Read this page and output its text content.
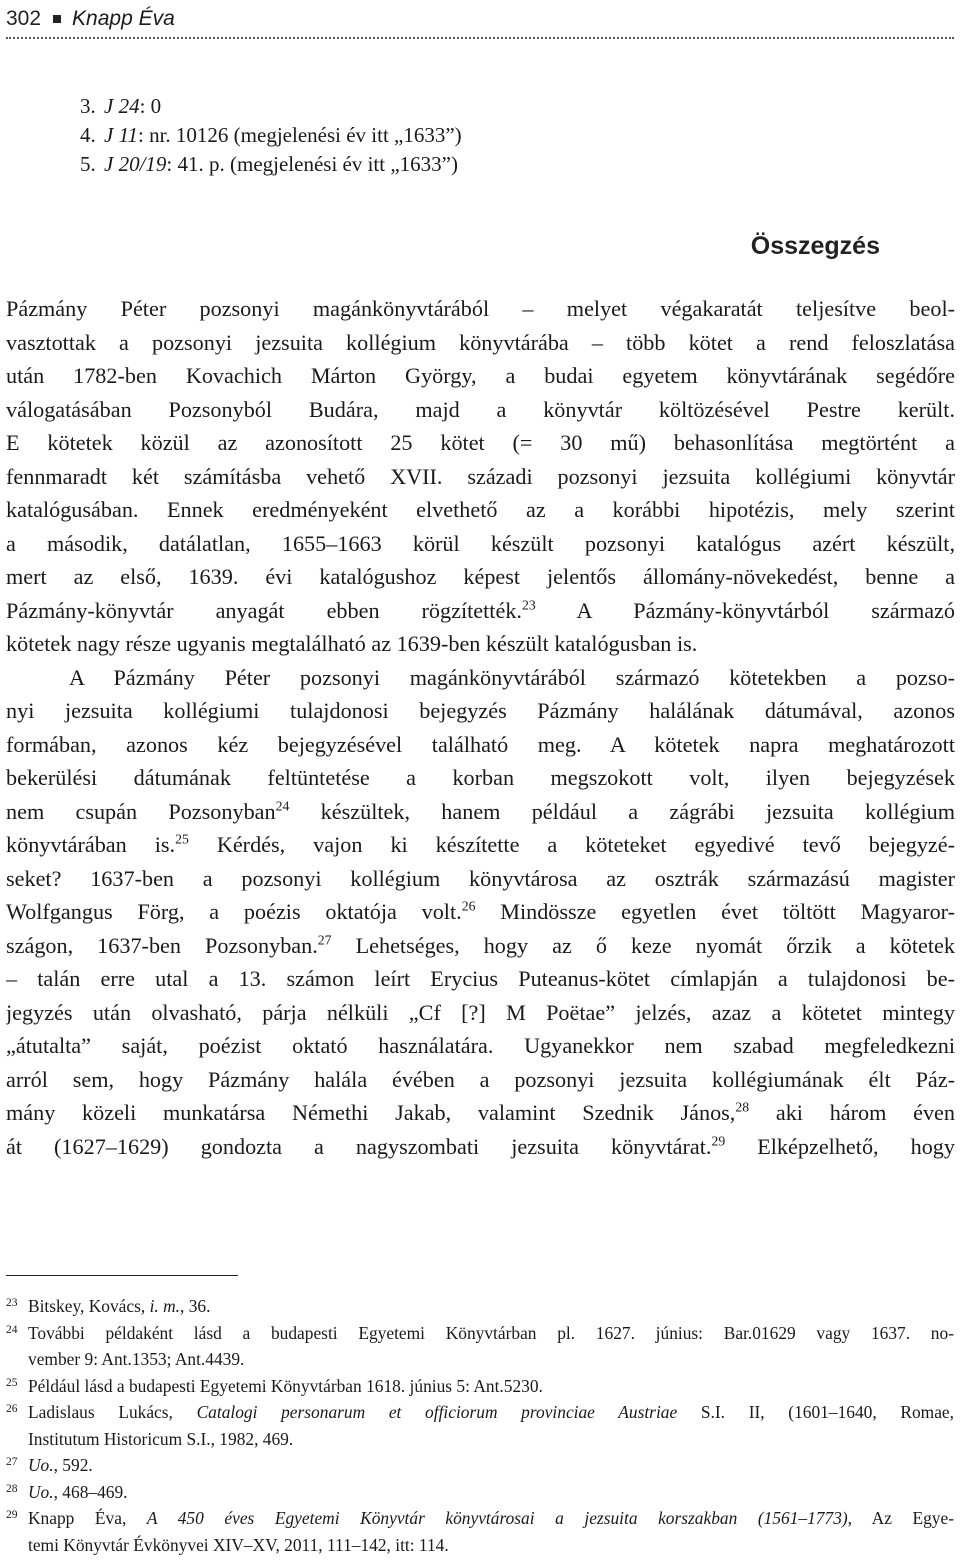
302 Knapp Éva
3. J 24: 0
4. J 11: nr. 10126 (megjelenési év itt „1633”)
5. J 20/19: 41. p. (megjelenési év itt „1633”)
Összegzés
Pázmány Péter pozsonyi magánkönyvtárából – melyet végakaratát teljesítve beol-
vasztottak a pozsonyi jezsuita kollégium könyvtárába – több kötet a rend feloszlatása
után 1782-ben Kovachich Márton György, a budai egyetem könyvtárának segédőre
válogatásában Pozsonyból Budára, majd a könyvtár költözésével Pestre került.
E kötetek közül az azonosított 25 kötet (= 30 mű) behasonlítása megtörtént a
fennmaradt két számításba vehető XVII. századi pozsonyi jezsuita kollégiumi könyvtár
katalógusában. Ennek eredményeként elvethető az a korábbi hipotézis, mely szerint
a második, datálatlan, 1655–1663 körül készült pozsonyi katalógus azért készült,
mert az első, 1639. évi katalógushoz képest jelentős állomány-növekedést, benne a
Pázmány-könyvtár anyagát ebben rögzítették.$^{23}$ A Pázmány-könyvtárból származó
kötetek nagy része ugyanis megtalálható az 1639-ben készült katalógusban is.
A Pázmány Péter pozsonyi magánkönyvtárából származó kötetekben a pozso-
nyi jezsuita kollégiumi tulajdonosi bejegyzés Pázmány halálának dátumával, azonos
formában, azonos kéz bejegyzésével található meg. A kötetek napra meghatározott
bekerülési dátumának feltüntetése a korban megszokott volt, ilyen bejegyzések
nem csupán Pozsonyban$^{24}$ készültek, hanem például a zágrábi jezsuita kollégium
könyvtárában is.$^{25}$ Kérdés, vajon ki készítette a köteteket egyedivé tevő bejegyzé-
seket? 1637-ben a pozsonyi kollégium könyvtárosa az osztrák származású magister
Wolfgangus Förg, a poézis oktatója volt.$^{26}$ Mindössze egyetlen évet töltött Magyaror-
szágon, 1637-ben Pozsonyban.$^{27}$ Lehetséges, hogy az ő keze nyomát őrzik a kötetek
– talán erre utal a 13. számon leírt Erycius Puteanus-kötet címlapján a tulajdonosi be-
jegyzés után olvasható, párja nélküli „Cf [?] M Poëtae” jelzés, azaz a kötetet mintegy
„átutalta” saját, poézist oktató használatára. Ugyanekkor nem szabad megfeledkezni
arról sem, hogy Pázmány halála évében a pozsonyi jezsuita kollégiumának élt Páz-
mány közeli munkatársa Némethi Jakab, valamint Szednik János,$^{28}$ aki három éven
át (1627–1629) gondozta a nagyszombati jezsuita könyvtárat.$^{29}$ Elképzelhető, hogy
23 Bitskey, Kovács, i. m., 36.
24 További példaként lásd a budapesti Egyetemi Könyvtárban pl. 1627. június: Bar.01629 vagy 1637. no-
vember 9: Ant.1353; Ant.4439.
25 Például lásd a budapesti Egyetemi Könyvtárban 1618. június 5: Ant.5230.
26 Ladislaus Lukács, Catalogi personarum et officiorum provinciae Austriae S.I. II, (1601–1640, Romae,
Institutum Historicum S.I., 1982, 469.
27 Uo., 592.
28 Uo., 468–469.
29 Knapp Éva, A 450 éves Egyetemi Könyvtár könyvtárosai a jezsuita korszakban (1561–1773), Az Egye-
temi Könyvtár Évkönyvei XIV–XV, 2011, 111–142, itt: 114.
